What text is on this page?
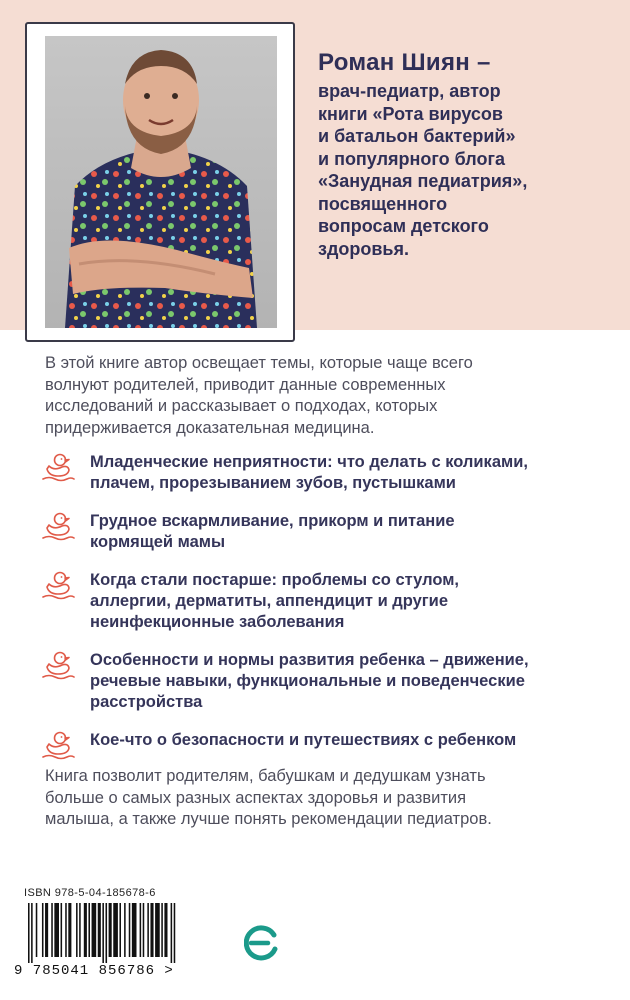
Роман Шиян –
врач-педиатр, автор
книги «Рота вирусов
и батальон бактерий»
и популярного блога
«Занудная педиатрия»,
посвященного
вопросам детского
здоровья.
В этой книге автор освещает темы, которые чаще всего
волнуют родителей, приводит данные современных
исследований и рассказывает о подходах, которых
придерживается доказательная медицина.
Младенческие неприятности: что делать с коликами,
плачем, прорезыванием зубов, пустышками
Грудное вскармливание, прикорм и питание
кормящей мамы
Когда стали постарше: проблемы со стулом,
аллергии, дерматиты, аппендицит и другие
неинфекционные заболевания
Особенности и нормы развития ребенка – движение,
речевые навыки, функциональные и поведенческие
расстройства
Кое-что о безопасности и путешествиях с ребенком
Книга позволит родителям, бабушкам и дедушкам узнать
больше о самых разных аспектах здоровья и развития
малыша, а также лучше понять рекомендации педиатров.
ISBN 978-5-04-185678-6
9 785041 856786 >
